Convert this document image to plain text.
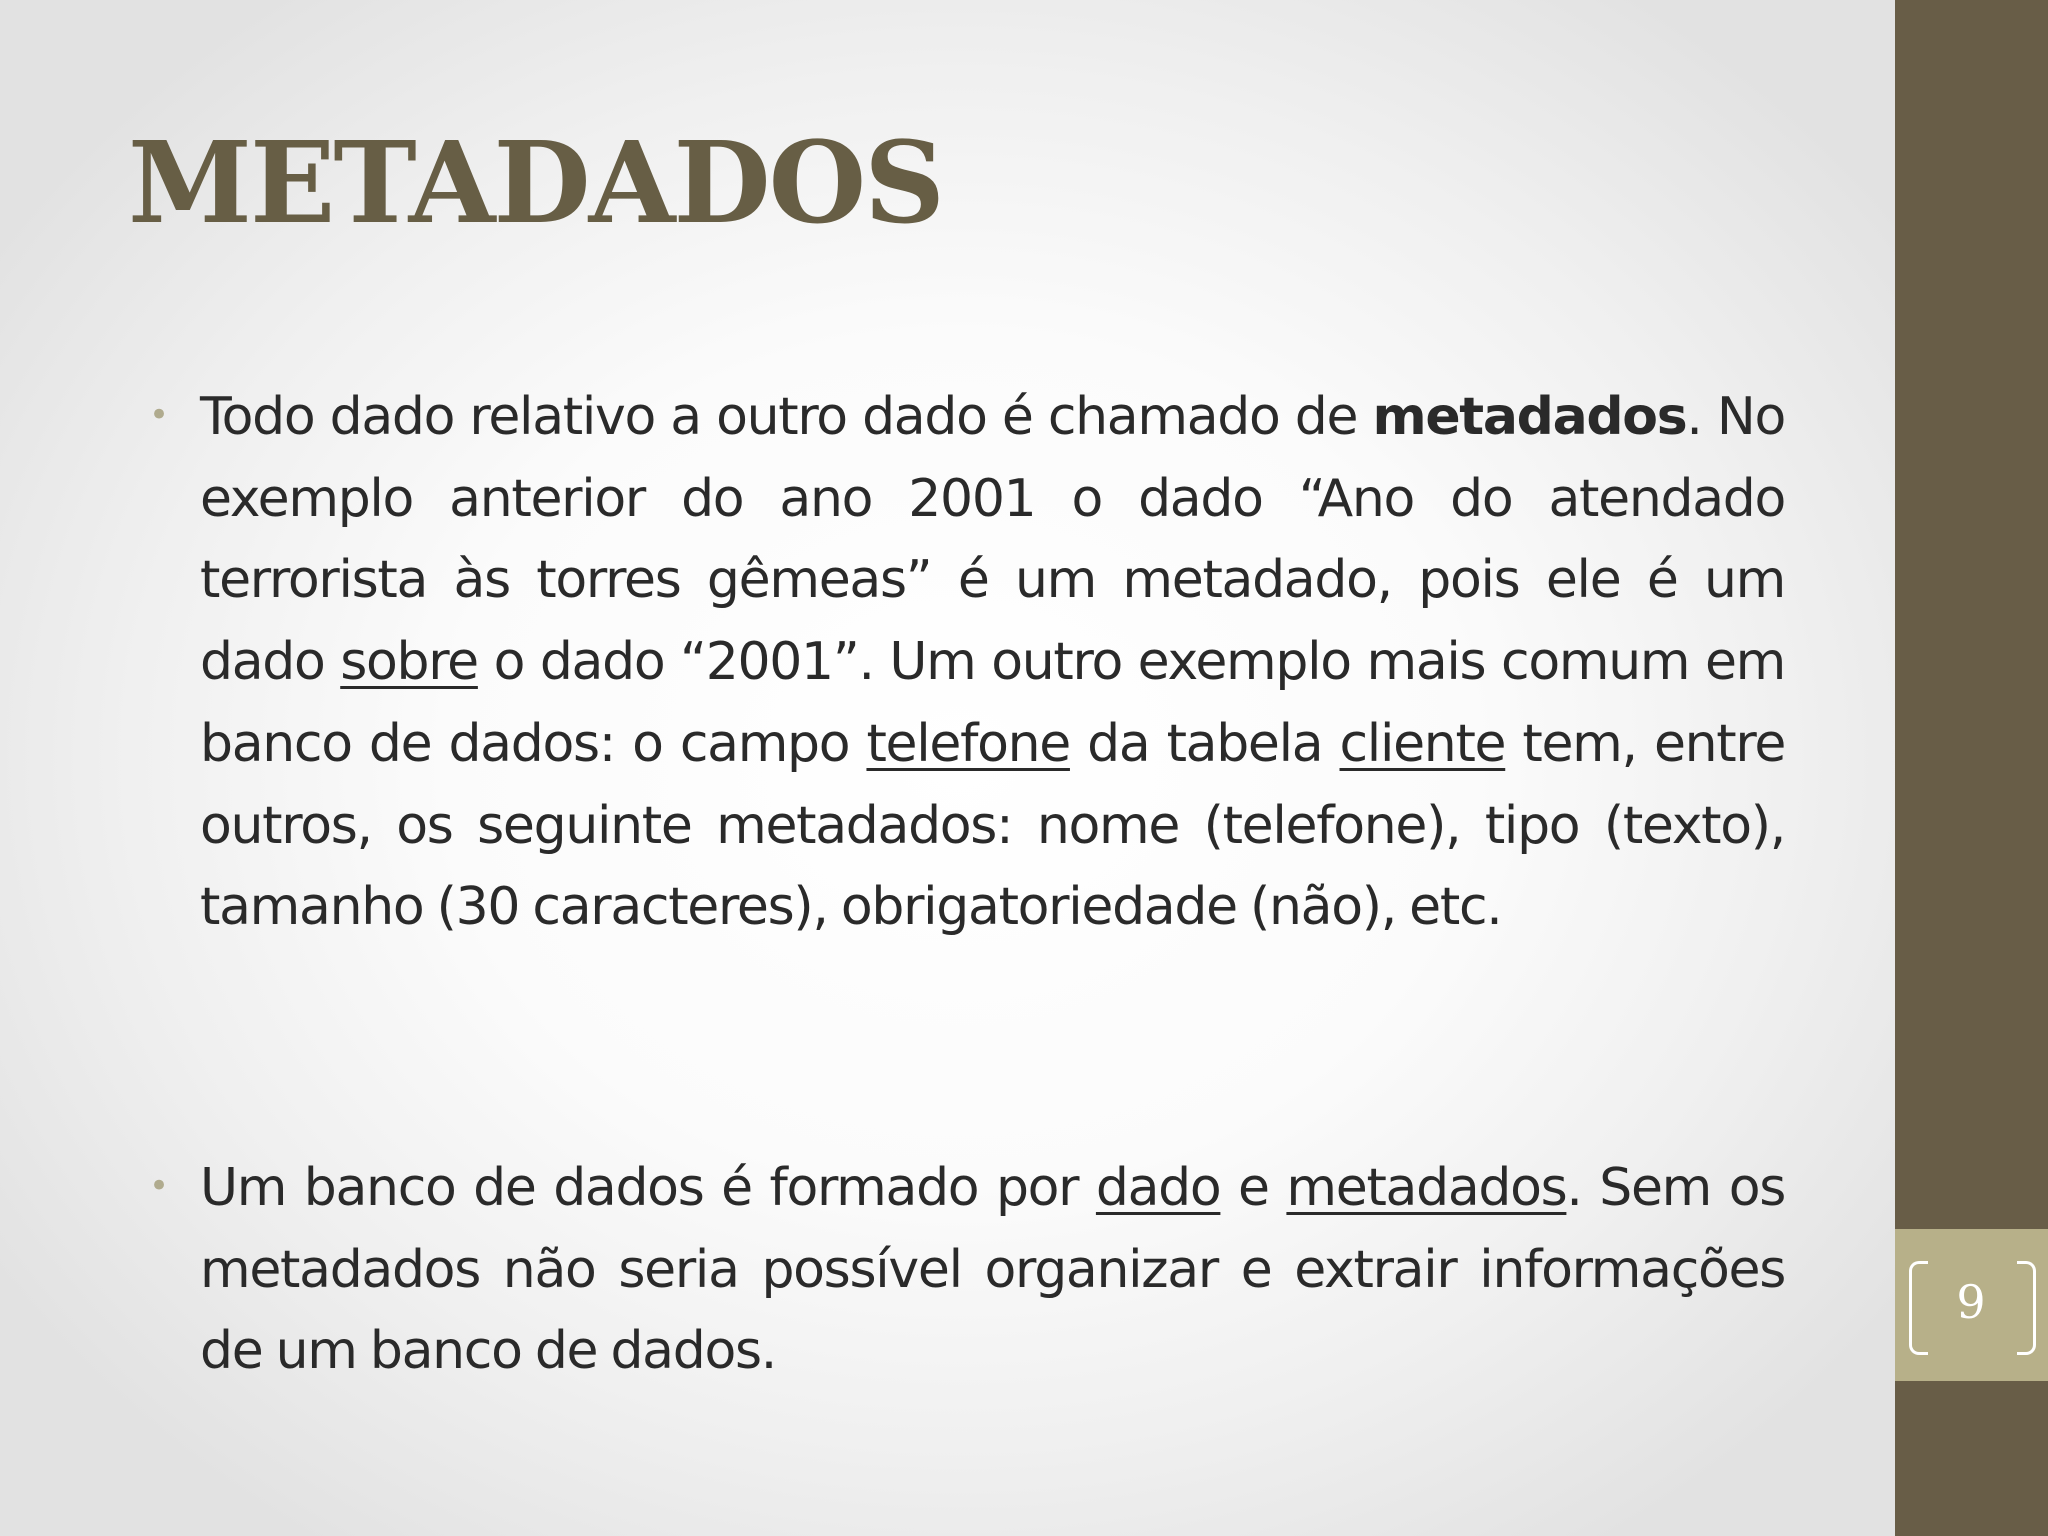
METADADOS
• Todo dado relativo a outro dado é chamado de metadados. No exemplo anterior do ano 2001 o dado “Ano do atendado terrorista às torres gêmeas” é um metadado, pois ele é um dado sobre o dado “2001”. Um outro exemplo mais comum em banco de dados: o campo telefone da tabela cliente tem, entre outros, os seguinte metadados: nome (telefone), tipo (texto), tamanho (30 caracteres), obrigatoriedade (não), etc.

• Um banco de dados é formado por dado e metadados. Sem os metadados não seria possível organizar e extrair informações de um banco de dados.

9
